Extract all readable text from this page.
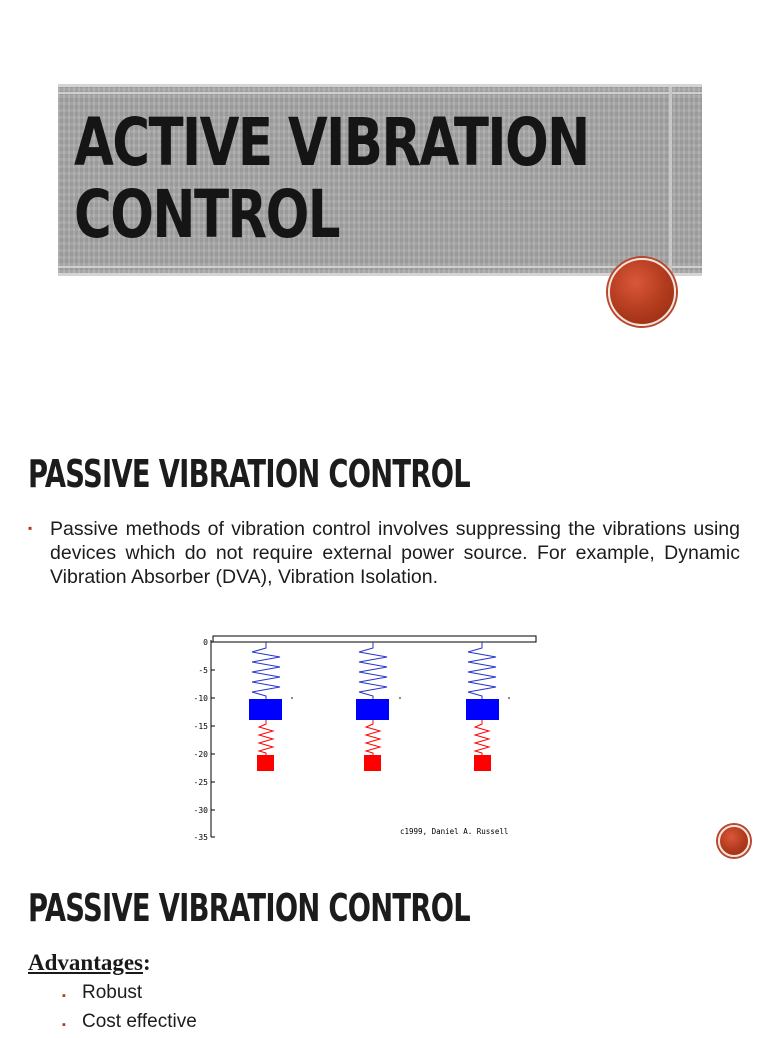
ACTIVE VIBRATION
CONTROL
PASSIVE VIBRATION CONTROL
▪ Passive methods of vibration control involves suppressing the vibrations using devices which do not require external power source. For example, Dynamic Vibration Absorber (DVA), Vibration Isolation.
0
-5
-10
-15
-20
-25
-30
-35
c1999, Daniel A. Russell
PASSIVE VIBRATION CONTROL

Advantages:

▪ Robust
▪ Cost effective
